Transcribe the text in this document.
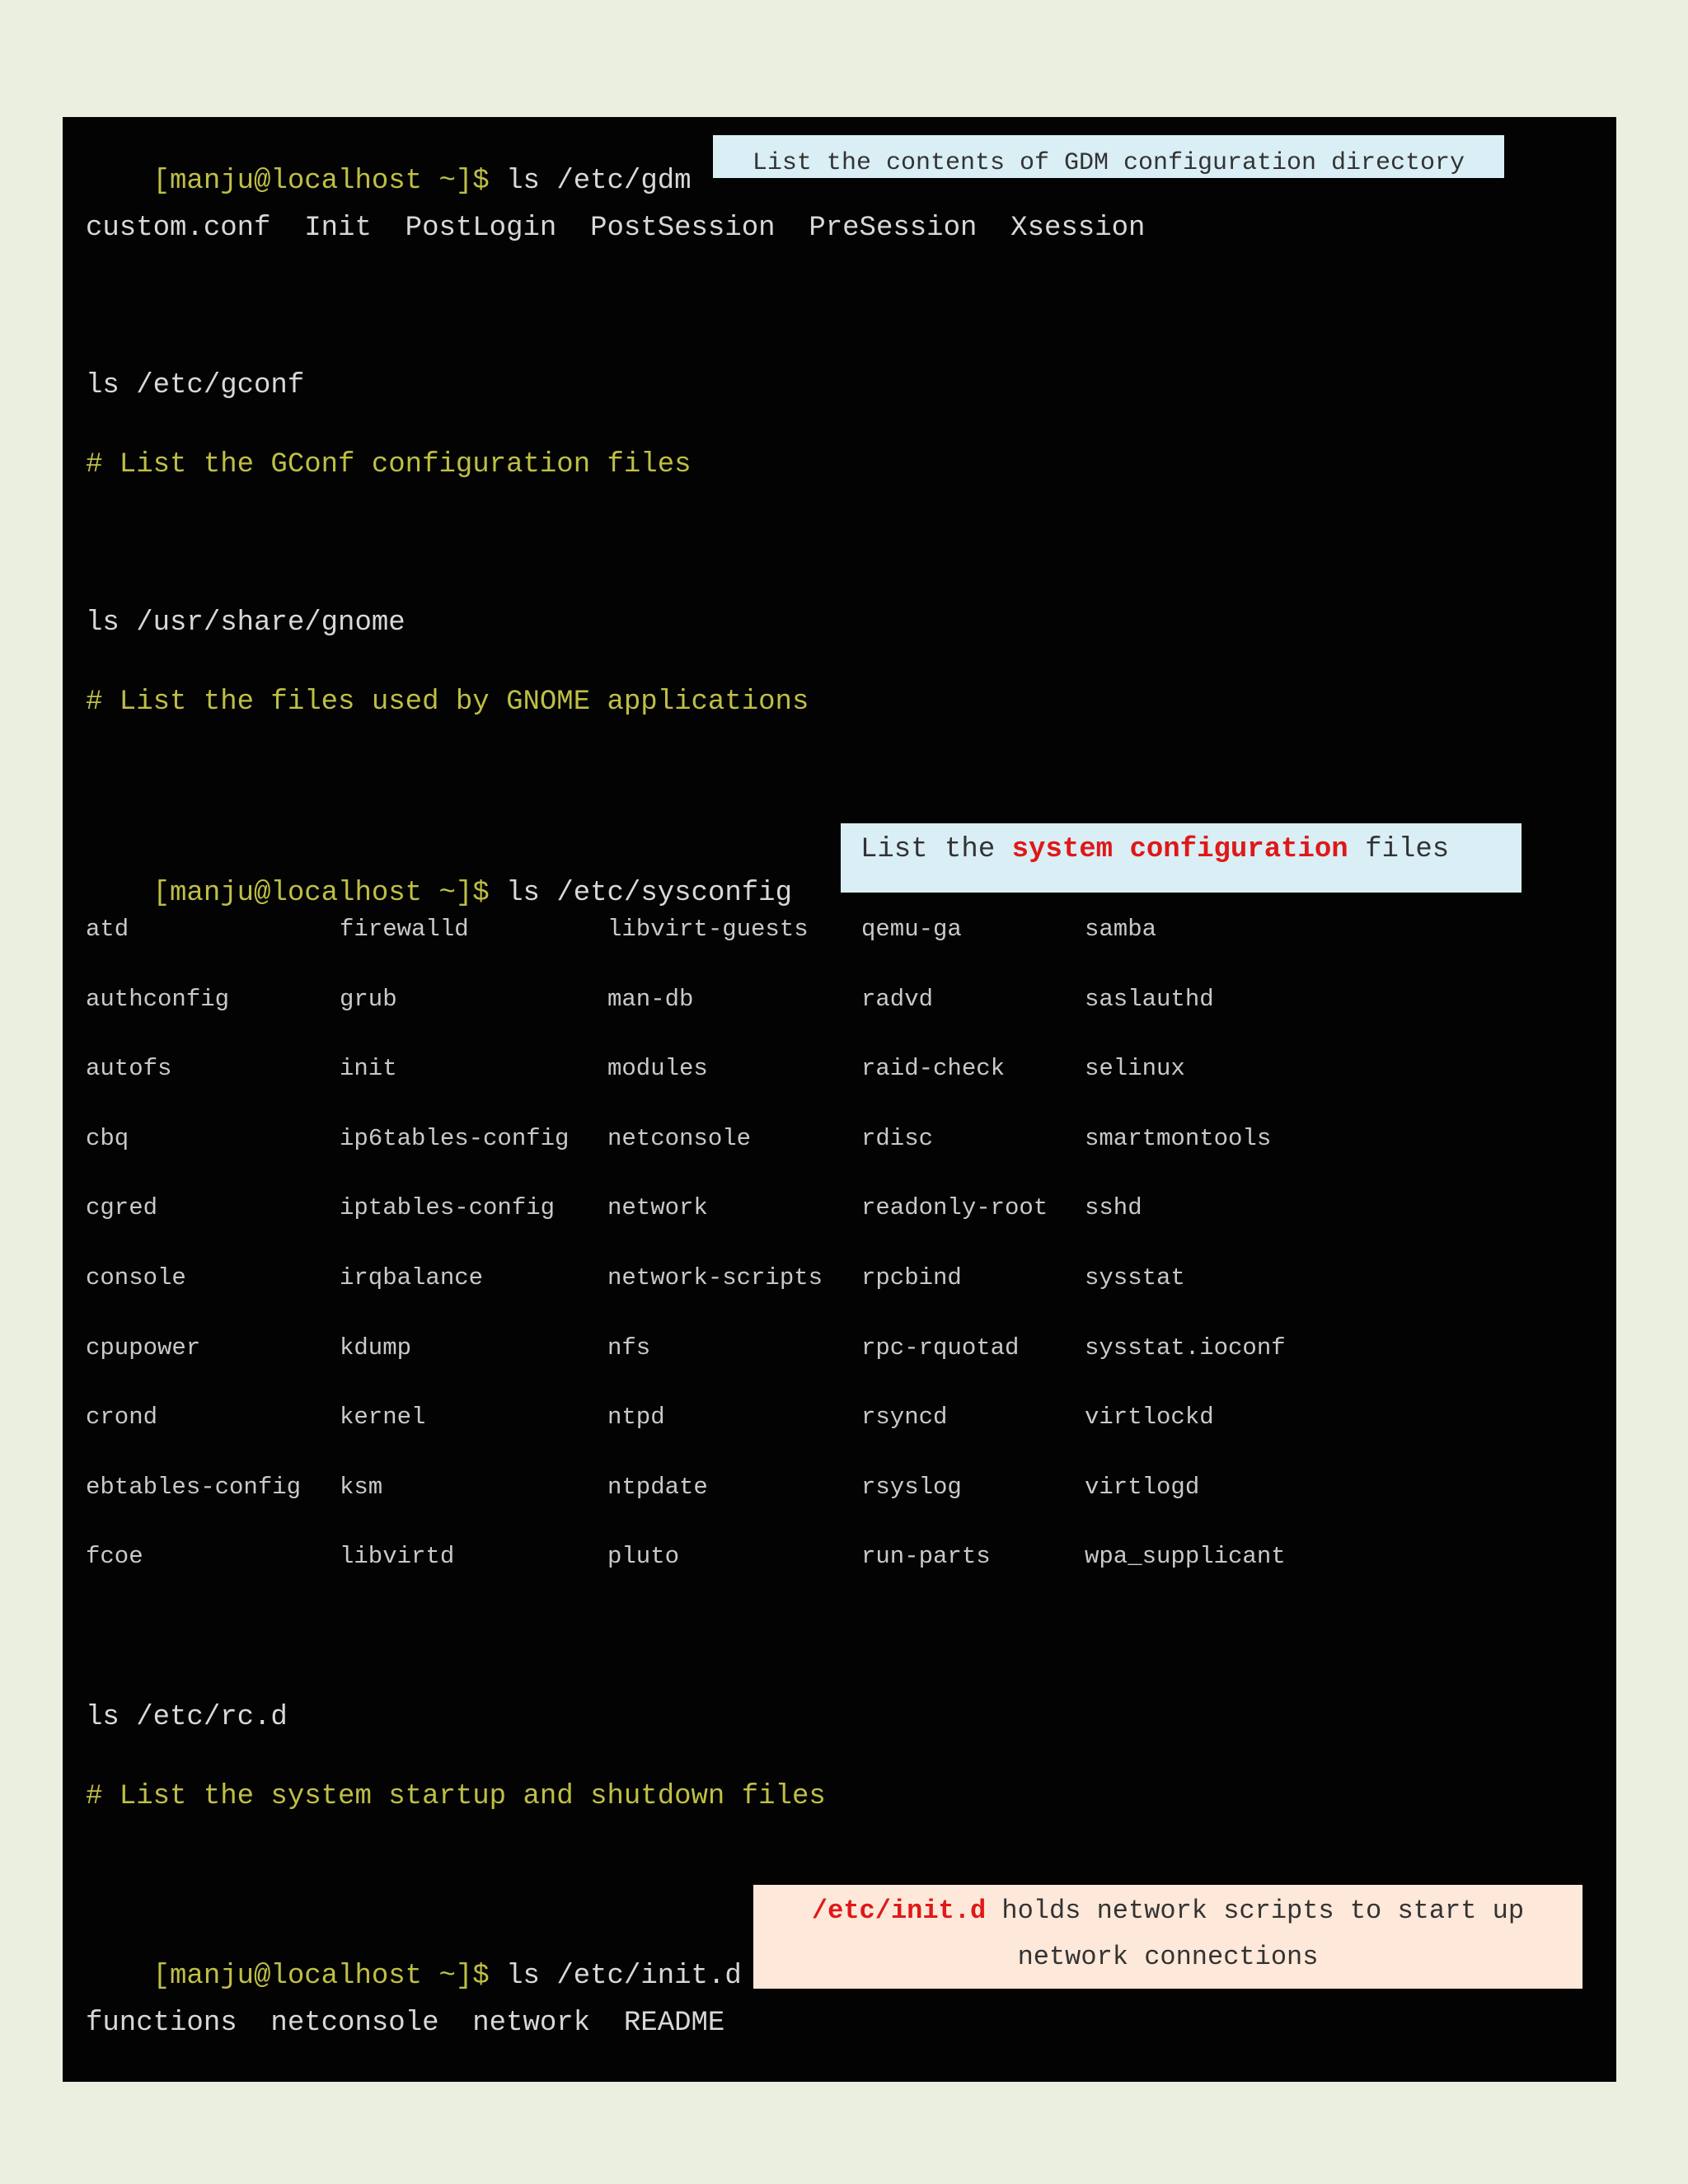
[manju@localhost ~]$ ls /etc/gdm

List the contents of GDM configuration directory
custom.conf  Init  PostLogin  PostSession  PreSession  Xsession
ls /etc/gconf
# List the GConf configuration files
ls /usr/share/gnome
# List the files used by GNOME applications

[manju@localhost ~]$ ls /etc/sysconfig

List the system configuration files
atd
authconfig
autofs
cbq
cgred
console
cpupower
crond
ebtables-config
fcoe
firewalld
grub
init
ip6tables-config
iptables-config
irqbalance
kdump
kernel
ksm
libvirtd
libvirt-guests
man-db
modules
netconsole
network
network-scripts
nfs
ntpd
ntpdate
pluto
qemu-ga
radvd
raid-check
rdisc
readonly-root
rpcbind
rpc-rquotad
rsyncd
rsyslog
run-parts
samba
saslauthd
selinux
smartmontools
sshd
sysstat
sysstat.ioconf
virtlockd
virtlogd
wpa_supplicant
ls /etc/rc.d
# List the system startup and shutdown files

[manju@localhost ~]$ ls /etc/init.d

/etc/init.d holds network scripts to start up network connections
functions  netconsole  network  README
